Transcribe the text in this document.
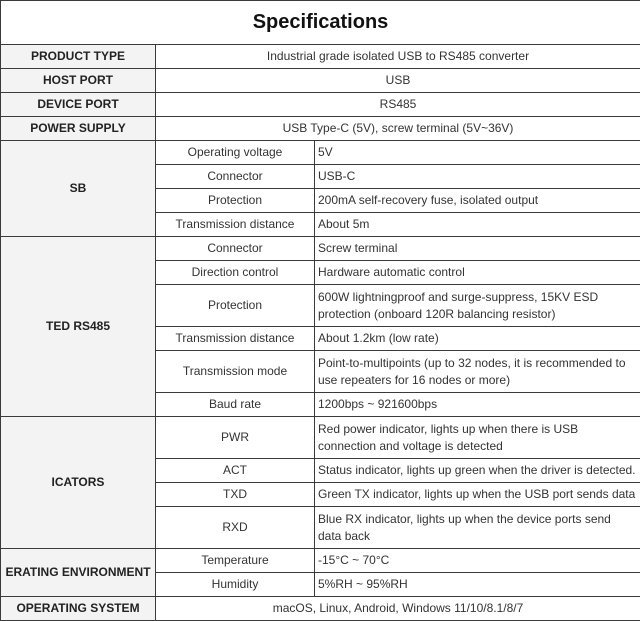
Specifications		
PRODUCT TYPE	Industrial grade isolated USB to RS485 converter	
HOST PORT	USB	
DEVICE PORT	RS485	
POWER SUPPLY	USB Type-C (5V), screw terminal (5V~36V)	
SB	Operating voltage	5V
	Connector	USB-C
	Protection	200mA self-recovery fuse, isolated output
	Transmission distance	About 5m
TED RS485	Connector	Screw terminal
	Direction control	Hardware automatic control
	Protection	600W lightningproof and surge-suppress, 15KV ESD protection (onboard 120R balancing resistor)
	Transmission distance	About 1.2km (low rate)
	Transmission mode	Point-to-multipoints (up to 32 nodes, it is recommended to use repeaters for 16 nodes or more)
	Baud rate	1200bps ~ 921600bps
ICATORS	PWR	Red power indicator, lights up when there is USB connection and voltage is detected
	ACT	Status indicator, lights up green when the driver is detected.
	TXD	Green TX indicator, lights up when the USB port sends data
	RXD	Blue RX indicator, lights up when the device ports send data back
ERATING ENVIRONMENT	Temperature	-15°C ~ 70°C
	Humidity	5%RH ~ 95%RH
OPERATING SYSTEM	macOS, Linux, Android, Windows 11/10/8.1/8/7	
